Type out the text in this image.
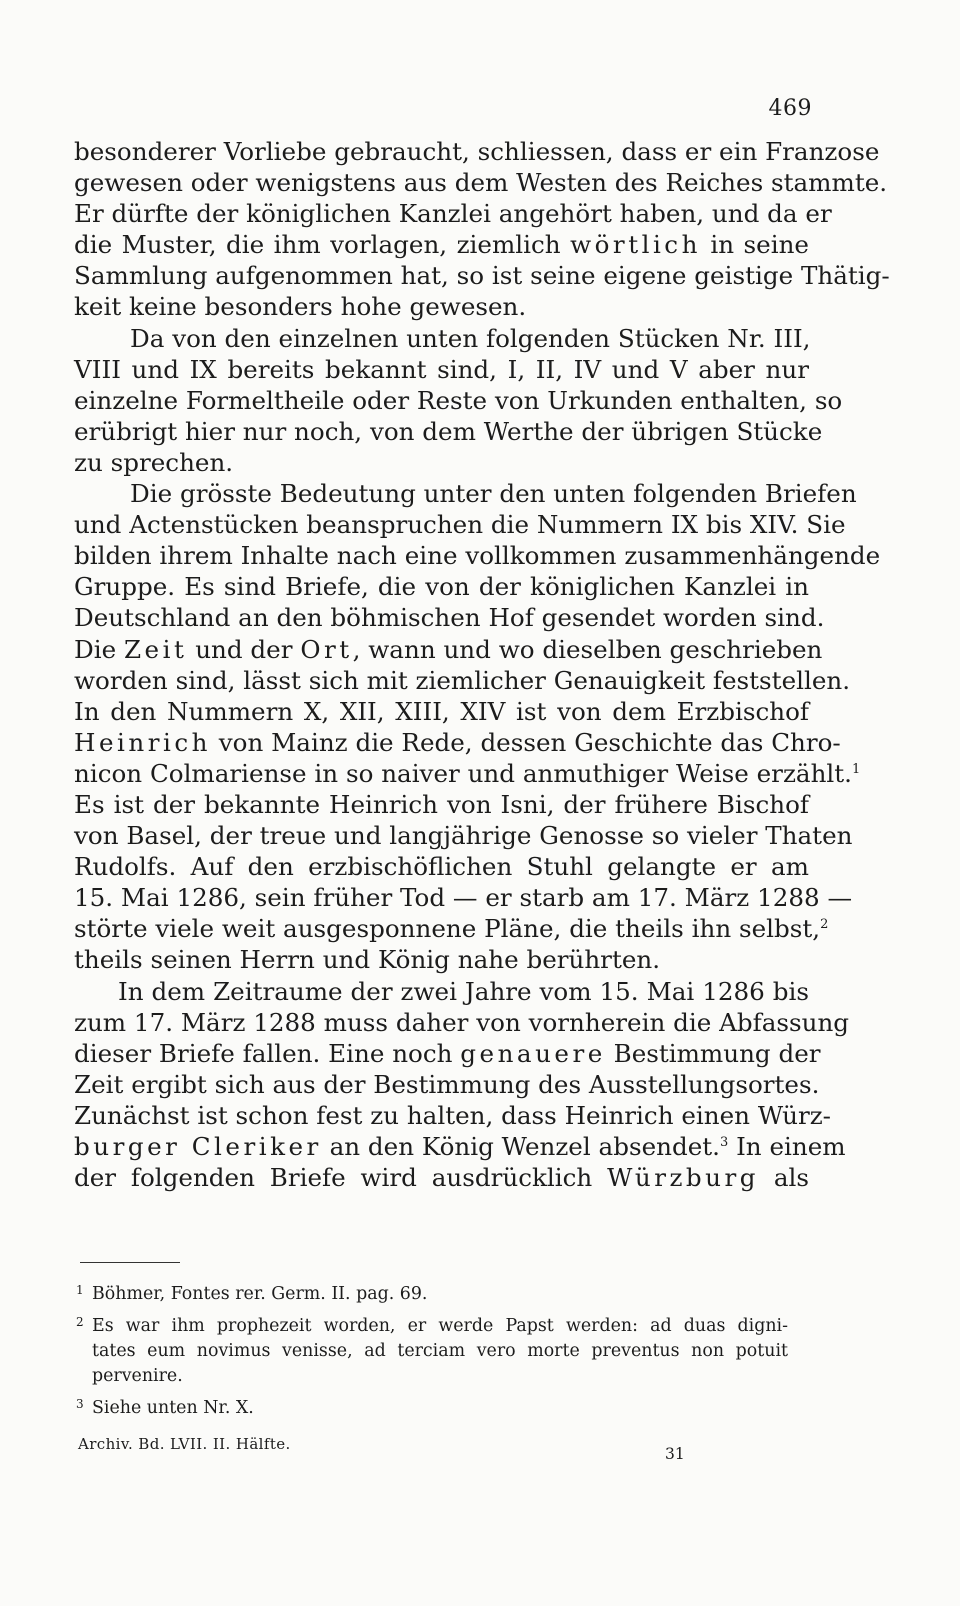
469
besonderer Vorliebe gebraucht, schliessen, dass er ein Franzose
gewesen oder wenigstens aus dem Westen des Reiches stammte.
Er dürfte der königlichen Kanzlei angehört haben, und da er
die Muster, die ihm vorlagen, ziemlich wörtlich in seine
Sammlung aufgenommen hat, so ist seine eigene geistige Thätig-
keit keine besonders hohe gewesen.
Da von den einzelnen unten folgenden Stücken Nr. III,
VIII und IX bereits bekannt sind, I, II, IV und V aber nur
einzelne Formeltheile oder Reste von Urkunden enthalten, so
erübrigt hier nur noch, von dem Werthe der übrigen Stücke
zu sprechen.
Die grösste Bedeutung unter den unten folgenden Briefen
und Actenstücken beanspruchen die Nummern IX bis XIV. Sie
bilden ihrem Inhalte nach eine vollkommen zusammenhängende
Gruppe. Es sind Briefe, die von der königlichen Kanzlei in
Deutschland an den böhmischen Hof gesendet worden sind.
Die Zeit und der Ort, wann und wo dieselben geschrieben
worden sind, lässt sich mit ziemlicher Genauigkeit feststellen.
In den Nummern X, XII, XIII, XIV ist von dem Erzbischof
Heinrich von Mainz die Rede, dessen Geschichte das Chro-
nicon Colmariense in so naiver und anmuthiger Weise erzählt.$^1$
Es ist der bekannte Heinrich von Isni, der frühere Bischof
von Basel, der treue und langjährige Genosse so vieler Thaten
Rudolfs. Auf den erzbischöflichen Stuhl gelangte er am
15. Mai 1286, sein früher Tod — er starb am 17. März 1288 —
störte viele weit ausgesponnene Pläne, die theils ihn selbst,$^2$
theils seinen Herrn und König nahe berührten.
In dem Zeitraume der zwei Jahre vom 15. Mai 1286 bis
zum 17. März 1288 muss daher von vornherein die Abfassung
dieser Briefe fallen. Eine noch genauere Bestimmung der
Zeit ergibt sich aus der Bestimmung des Ausstellungsortes.
Zunächst ist schon fest zu halten, dass Heinrich einen Würz-
burger Cleriker an den König Wenzel absendet.$^3$ In einem
der folgenden Briefe wird ausdrücklich Würzburg als
1 Böhmer, Fontes rer. Germ. II. pag. 69.
2 Es war ihm prophezeit worden, er werde Papst werden: ad duas digni-
tates eum novimus venisse, ad terciam vero morte preventus non potuit
pervenire.
3 Siehe unten Nr. X.
Archiv. Bd. LVII. II. Hälfte.
31
